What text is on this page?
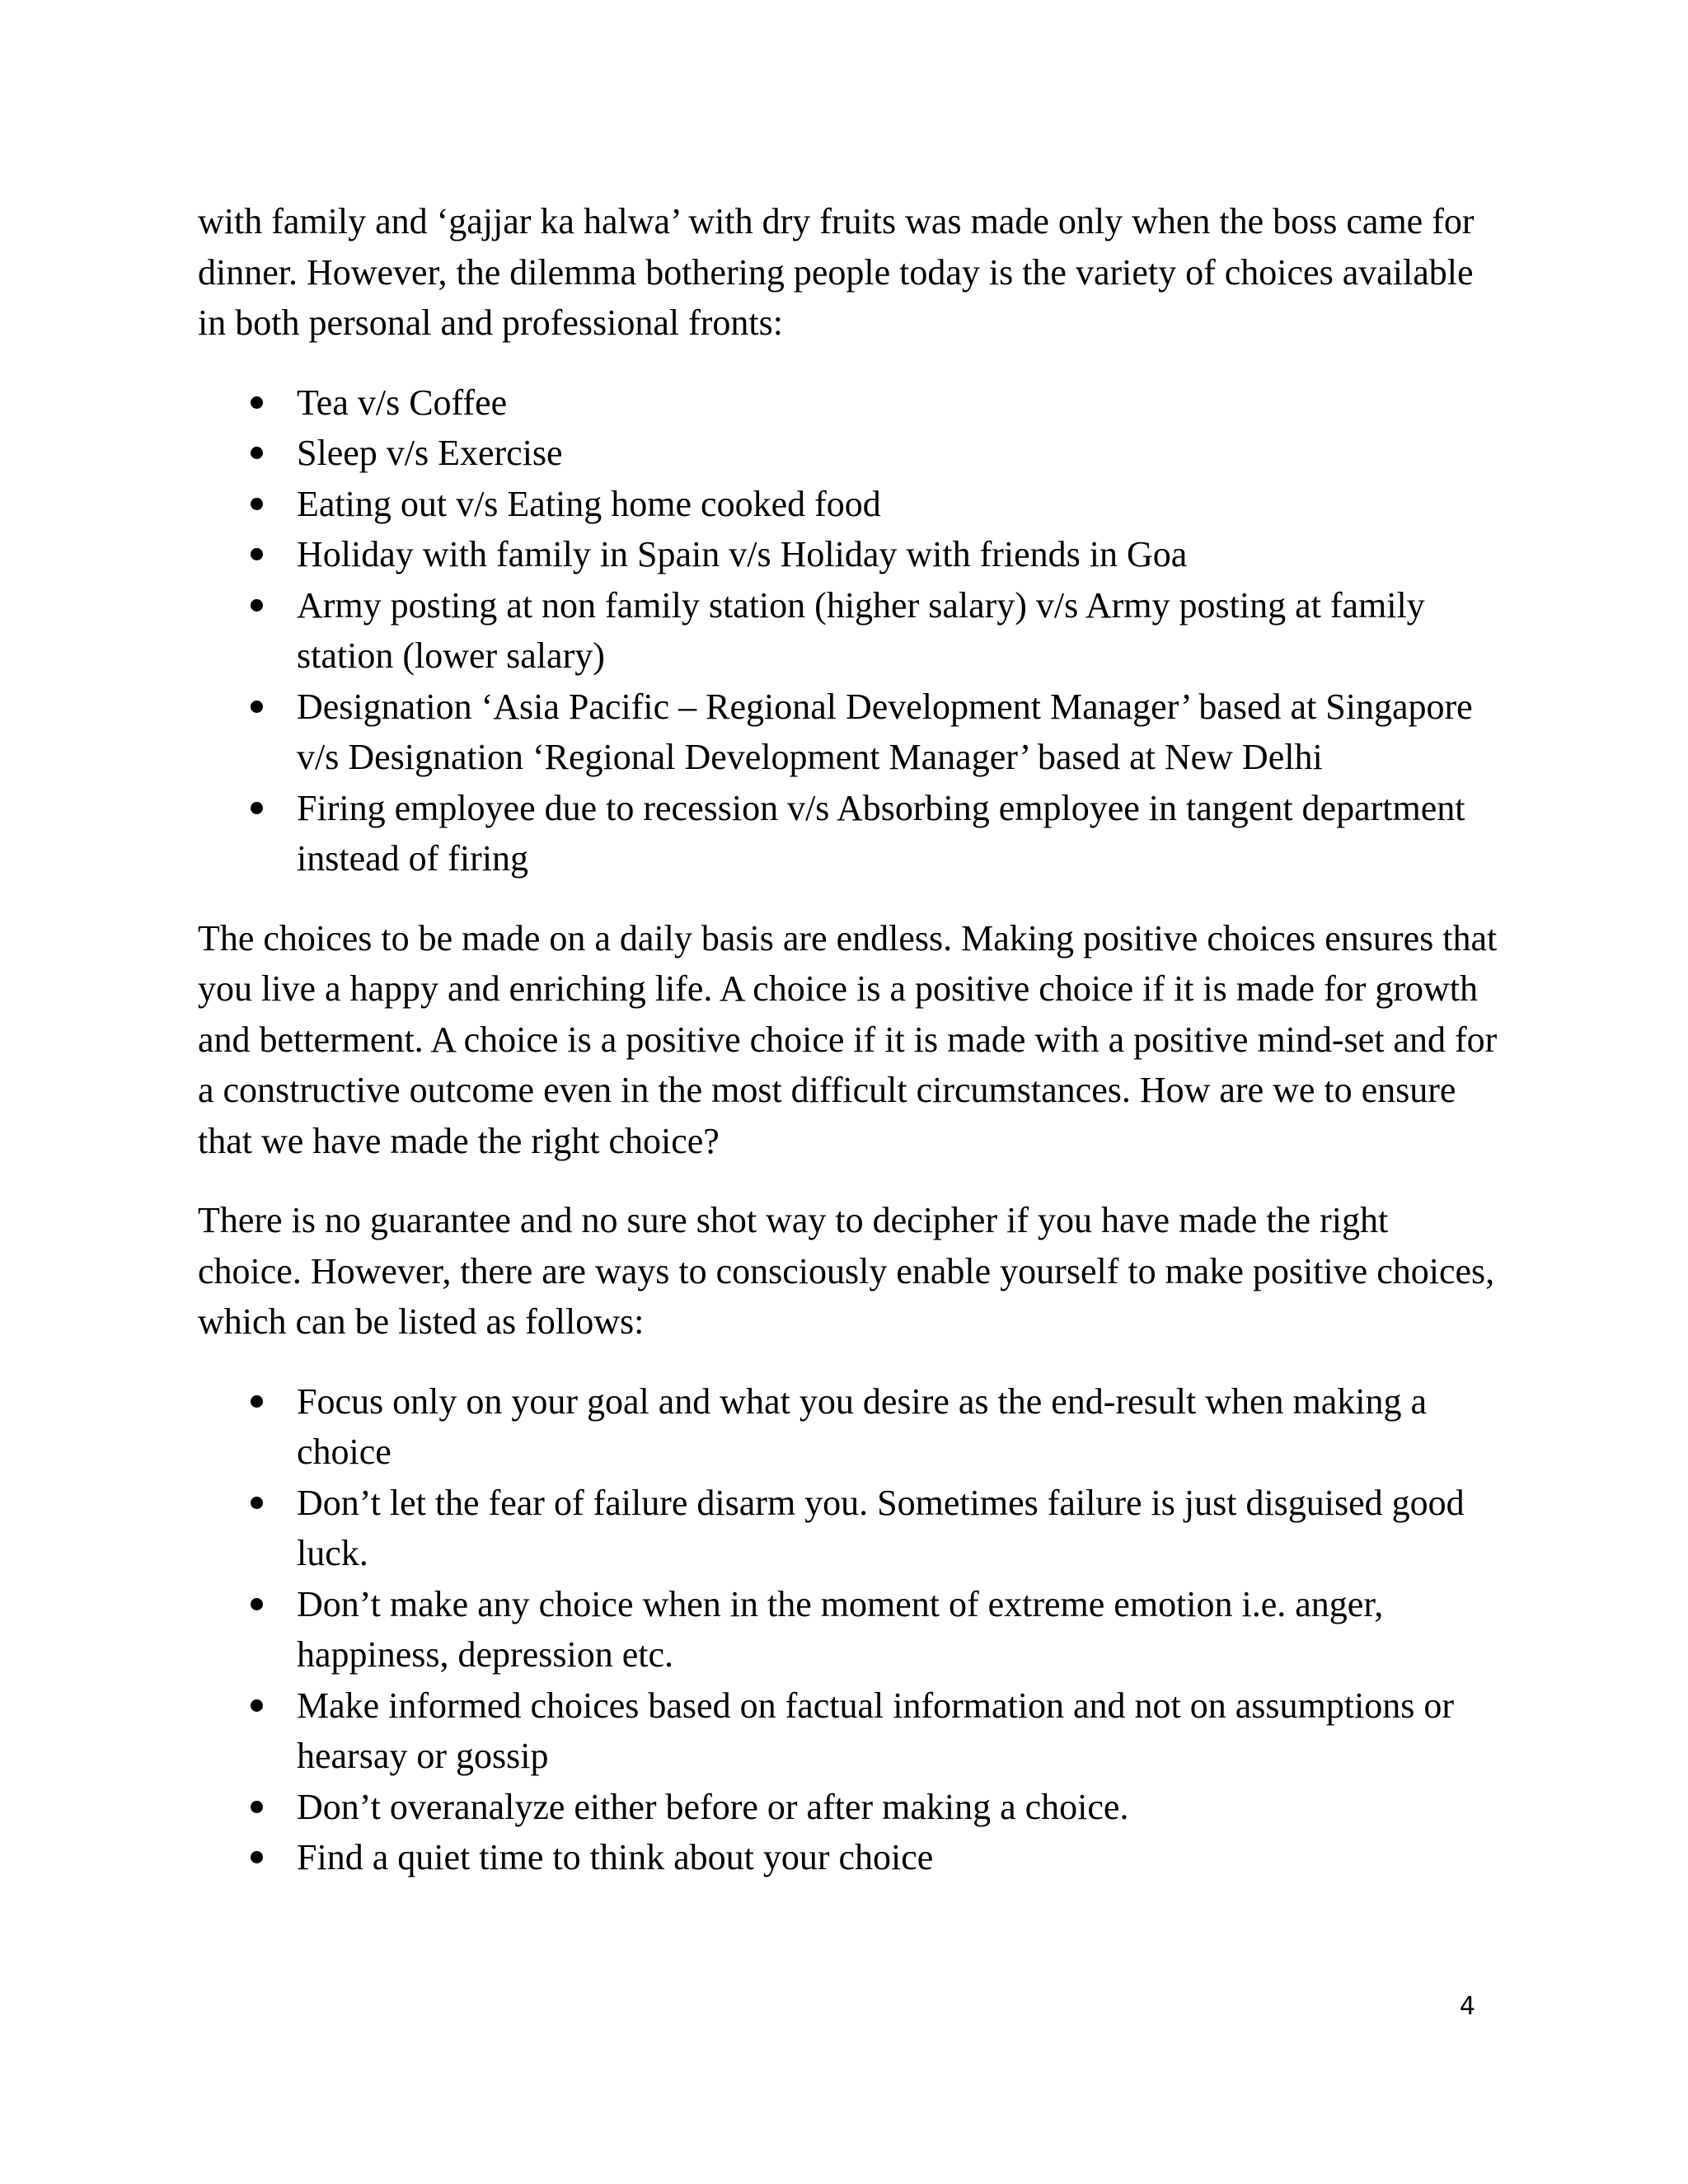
with family and ‘gajjar ka halwa’ with dry fruits was made only when the boss came for dinner. However, the dilemma bothering people today is the variety of choices available in both personal and professional fronts:

Tea v/s Coffee
Sleep v/s Exercise
Eating out v/s Eating home cooked food
Holiday with family in Spain v/s Holiday with friends in Goa
Army posting at non family station (higher salary) v/s Army posting at family station (lower salary)
Designation ‘Asia Pacific – Regional Development Manager’ based at Singapore v/s Designation ‘Regional Development Manager’ based at New Delhi
Firing employee due to recession v/s Absorbing employee in tangent department instead of firing

The choices to be made on a daily basis are endless. Making positive choices ensures that you live a happy and enriching life. A choice is a positive choice if it is made for growth and betterment. A choice is a positive choice if it is made with a positive mind-set and for a constructive outcome even in the most difficult circumstances. How are we to ensure that we have made the right choice?

There is no guarantee and no sure shot way to decipher if you have made the right choice. However, there are ways to consciously enable yourself to make positive choices, which can be listed as follows:

Focus only on your goal and what you desire as the end-result when making a choice
Don’t let the fear of failure disarm you. Sometimes failure is just disguised good luck.
Don’t make any choice when in the moment of extreme emotion i.e. anger, happiness, depression etc.
Make informed choices based on factual information and not on assumptions or hearsay or gossip
Don’t overanalyze either before or after making a choice.
Find a quiet time to think about your choice
4
